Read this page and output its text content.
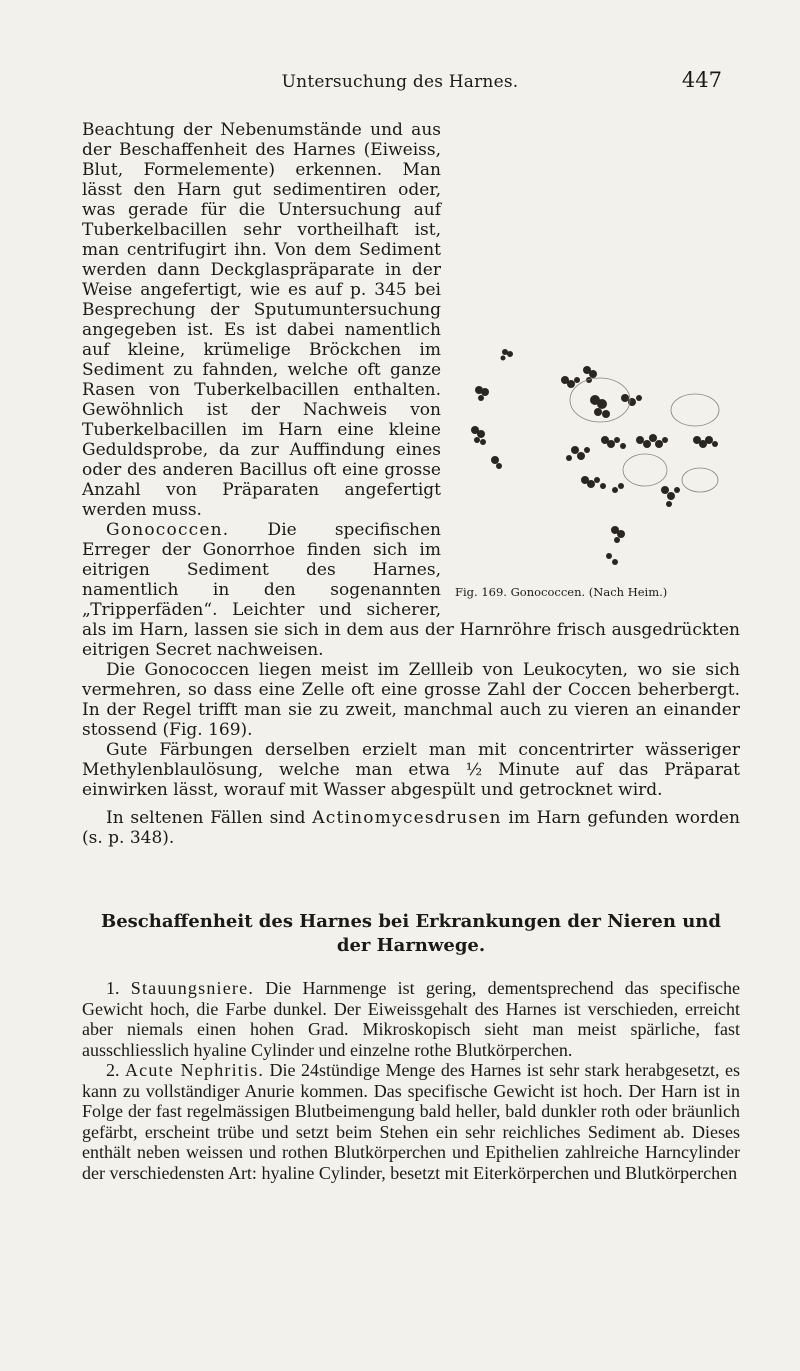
Untersuchung des Harnes.	447
Fig. 169. Gonococcen. (Nach Heim.)

Beachtung der Nebenumstände und aus der Beschaffenheit des Harnes (Eiweiss, Blut, Formelemente) erkennen. Man lässt den Harn gut sedimentiren oder, was gerade für die Untersuchung auf Tuberkelbacillen sehr vortheilhaft ist, man centrifugirt ihn. Von dem Sediment werden dann Deckglaspräparate in der Weise angefertigt, wie es auf p. 345 bei Besprechung der Sputumuntersuchung angegeben ist. Es ist dabei namentlich auf kleine, krümelige Bröckchen im Sediment zu fahnden, welche oft ganze Rasen von Tuberkelbacillen enthalten. Gewöhnlich ist der Nachweis von Tuberkelbacillen im Harn eine kleine Geduldsprobe, da zur Auffindung eines oder des anderen Bacillus oft eine grosse Anzahl von Präparaten angefertigt werden muss.

Gonococcen. Die specifischen Erreger der Gonorrhoe finden sich im eitrigen Sediment des Harnes, namentlich in den sogenannten „Tripperfäden“. Leichter und sicherer, als im Harn, lassen sie sich in dem aus der Harnröhre frisch ausgedrückten eitrigen Secret nachweisen.

Die Gonococcen liegen meist im Zellleib von Leukocyten, wo sie sich vermehren, so dass eine Zelle oft eine grosse Zahl der Coccen beherbergt. In der Regel trifft man sie zu zweit, manchmal auch zu vieren an einander stossend (Fig. 169).

Gute Färbungen derselben erzielt man mit concentrirter wässeriger Methylenblaulösung, welche man etwa ½ Minute auf das Präparat einwirken lässt, worauf mit Wasser abgespült und getrocknet wird.

In seltenen Fällen sind Actinomycesdrusen im Harn gefunden worden (s. p. 348).

Beschaffenheit des Harnes bei Erkrankungen der Nieren und der Harnwege.

1. Stauungsniere. Die Harnmenge ist gering, dementsprechend das specifische Gewicht hoch, die Farbe dunkel. Der Eiweissgehalt des Harnes ist verschieden, erreicht aber niemals einen hohen Grad. Mikroskopisch sieht man meist spärliche, fast ausschliesslich hyaline Cylinder und einzelne rothe Blutkörperchen.

2. Acute Nephritis. Die 24stündige Menge des Harnes ist sehr stark herabgesetzt, es kann zu vollständiger Anurie kommen. Das specifische Gewicht ist hoch. Der Harn ist in Folge der fast regelmässigen Blutbeimengung bald heller, bald dunkler roth oder bräunlich gefärbt, erscheint trübe und setzt beim Stehen ein sehr reichliches Sediment ab. Dieses enthält neben weissen und rothen Blutkörperchen und Epithelien zahlreiche Harncylinder der verschiedensten Art: hyaline Cylinder, besetzt mit Eiterkörperchen und Blutkörperchen
